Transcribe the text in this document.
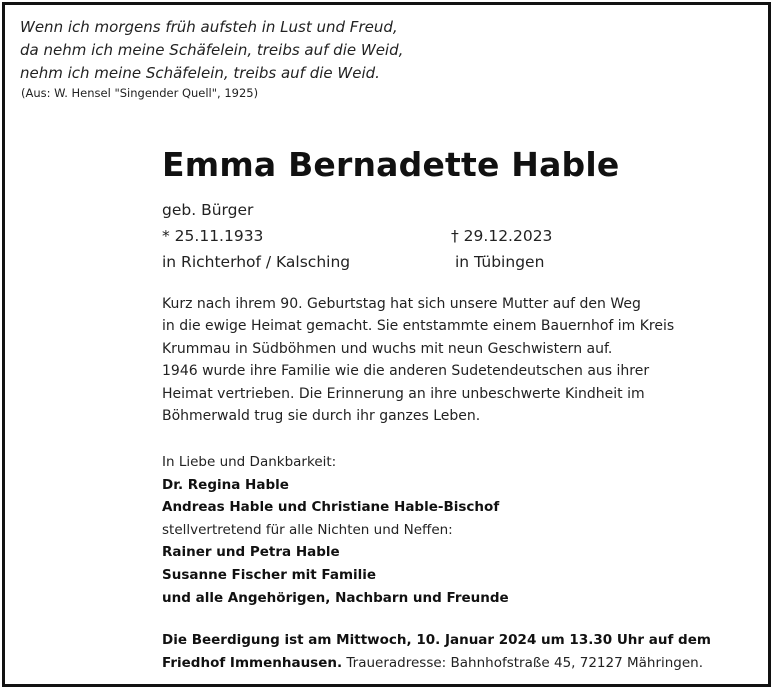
Wenn ich morgens früh aufsteh in Lust und Freud,
da nehm ich meine Schäfelein, treibs auf die Weid,
nehm ich meine Schäfelein, treibs auf die Weid.
(Aus: W. Hensel "Singender Quell", 1925)
Emma Bernadette Hable
geb. Bürger
* 25.11.1933	† 29.12.2023
in Richterhof / Kalsching	in Tübingen
Kurz nach ihrem 90. Geburtstag hat sich unsere Mutter auf den Weg
in die ewige Heimat gemacht. Sie entstammte einem Bauernhof im Kreis
Krummau in Südböhmen und wuchs mit neun Geschwistern auf.
1946 wurde ihre Familie wie die anderen Sudetendeutschen aus ihrer
Heimat vertrieben. Die Erinnerung an ihre unbeschwerte Kindheit im
Böhmerwald trug sie durch ihr ganzes Leben.
In Liebe und Dankbarkeit:
Dr. Regina Hable
Andreas Hable und Christiane Hable-Bischof
stellvertretend für alle Nichten und Neffen:
Rainer und Petra Hable
Susanne Fischer mit Familie
und alle Angehörigen, Nachbarn und Freunde
Die Beerdigung ist am Mittwoch, 10. Januar 2024 um 13.30 Uhr auf dem
Friedhof Immenhausen. Traueradresse: Bahnhofstraße 45, 72127 Mähringen.
